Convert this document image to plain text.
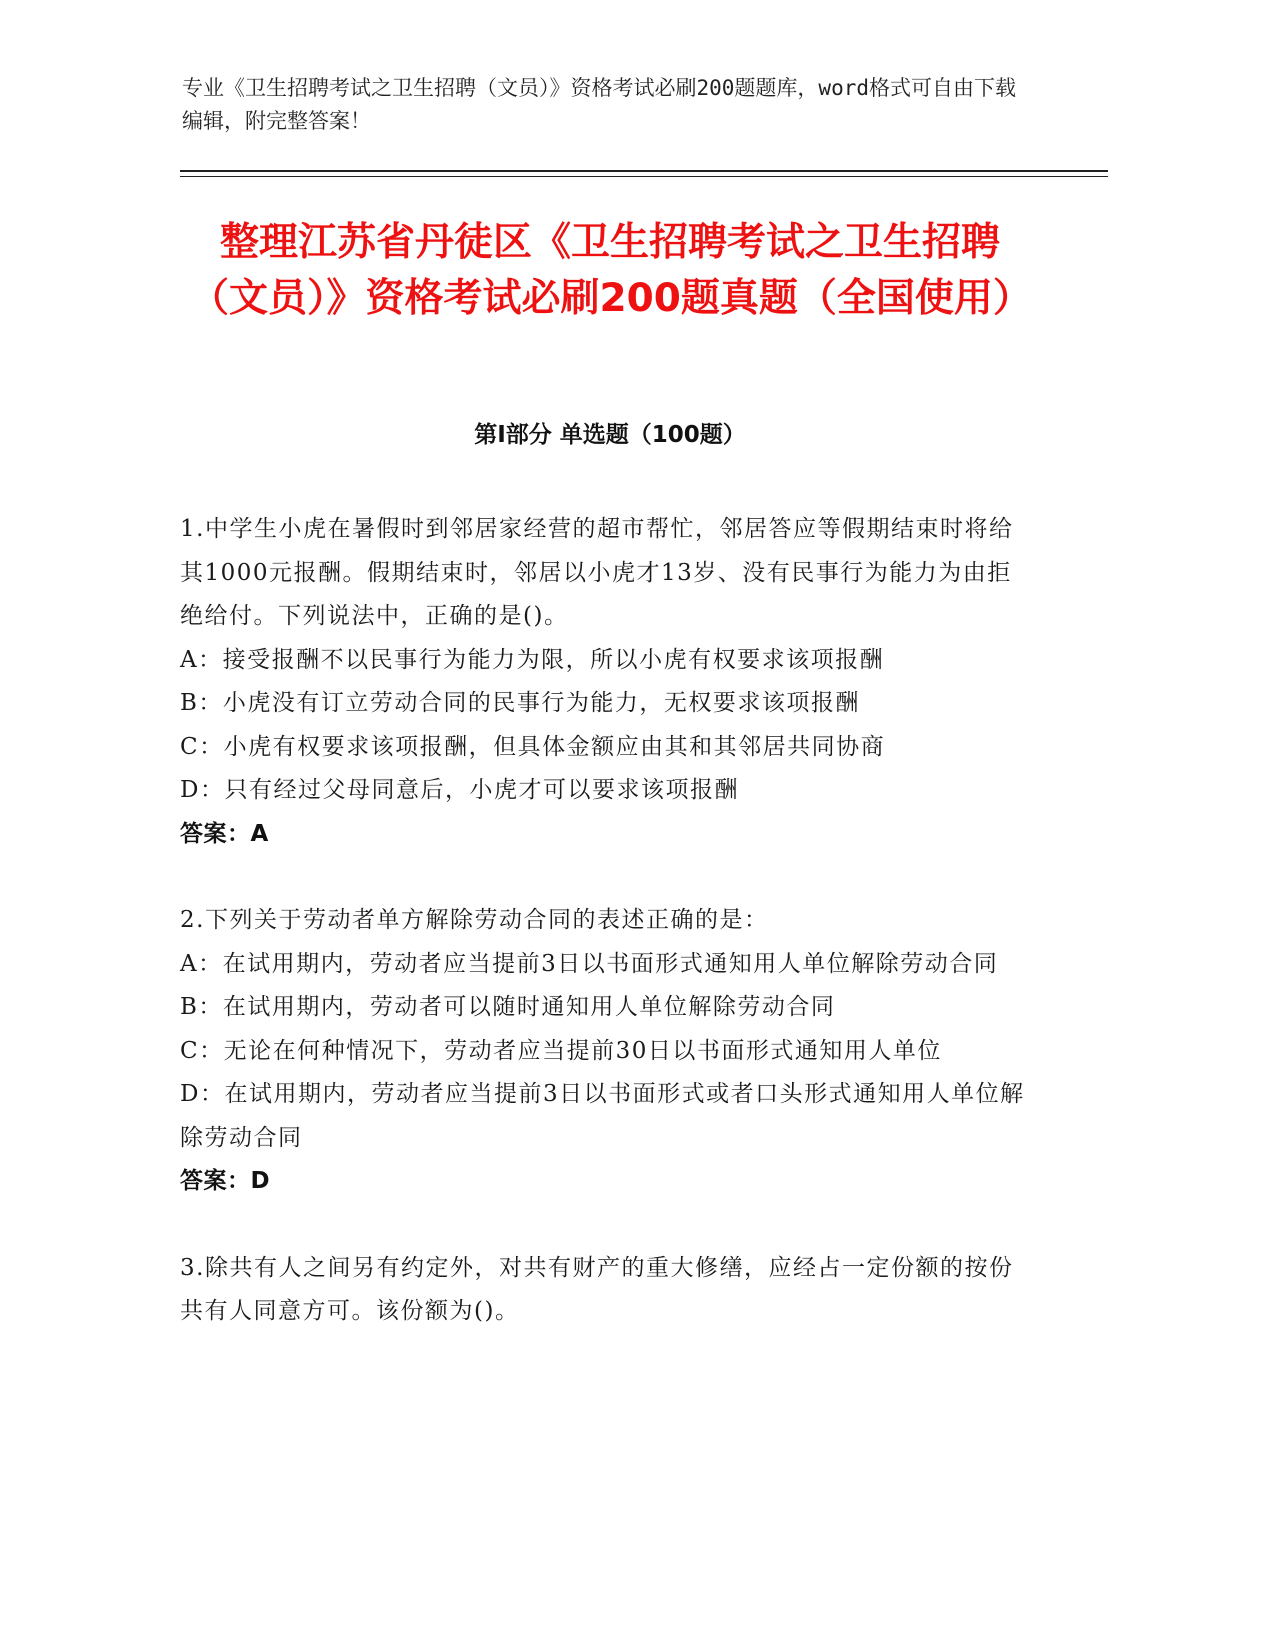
专业《卫生招聘考试之卫生招聘（文员）》资格考试必刷200题题库，word格式可自由下载编辑，附完整答案！
整理江苏省丹徒区《卫生招聘考试之卫生招聘（文员）》资格考试必刷200题真题（全国使用）
第Ⅰ部分 单选题（100题）
1.中学生小虎在暑假时到邻居家经营的超市帮忙，邻居答应等假期结束时将给其1000元报酬。假期结束时，邻居以小虎才13岁、没有民事行为能力为由拒绝给付。下列说法中，正确的是()。
A：接受报酬不以民事行为能力为限，所以小虎有权要求该项报酬
B：小虎没有订立劳动合同的民事行为能力，无权要求该项报酬
C：小虎有权要求该项报酬，但具体金额应由其和其邻居共同协商
D：只有经过父母同意后，小虎才可以要求该项报酬
答案：A
2.下列关于劳动者单方解除劳动合同的表述正确的是：
A：在试用期内，劳动者应当提前3日以书面形式通知用人单位解除劳动合同
B：在试用期内，劳动者可以随时通知用人单位解除劳动合同
C：无论在何种情况下，劳动者应当提前30日以书面形式通知用人单位
D：在试用期内，劳动者应当提前3日以书面形式或者口头形式通知用人单位解除劳动合同
答案：D
3.除共有人之间另有约定外，对共有财产的重大修缮，应经占一定份额的按份共有人同意方可。该份额为()。
